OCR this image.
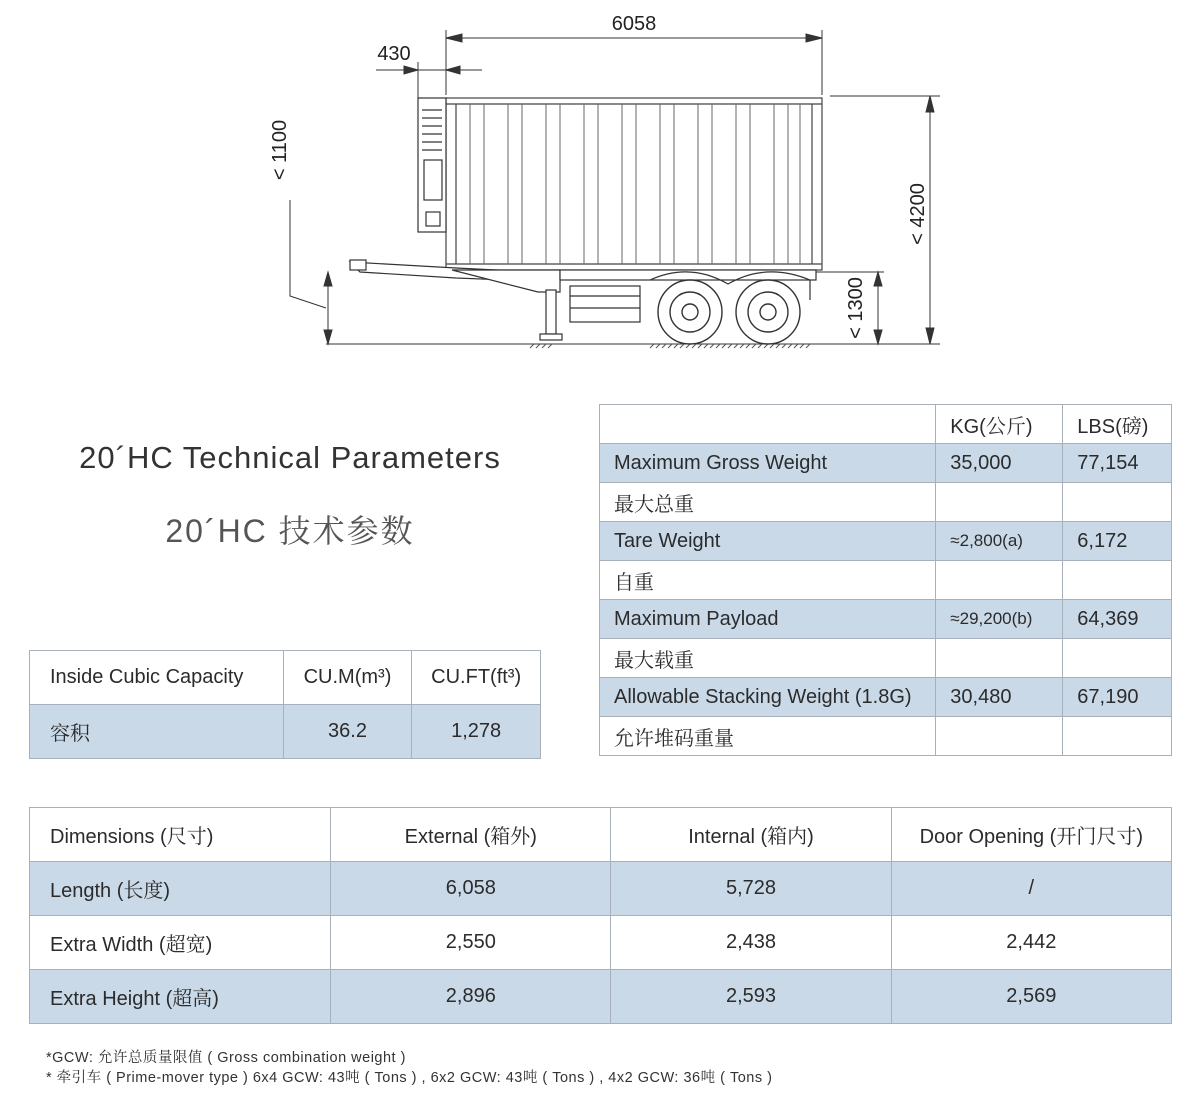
6058
430
< 1100
< 4200
< 1300
20´HC Technical Parameters
20´HC 技术参数
	KG(公斤)	LBS(磅)
Maximum Gross Weight	35,000	77,154
最大总重		
Tare Weight	≈2,800(a)	6,172
自重		
Maximum Payload	≈29,200(b)	64,369
最大载重		
Allowable Stacking Weight (1.8G)	30,480	67,190
允许堆码重量		
Inside Cubic Capacity	CU.M(m³)	CU.FT(ft³)
容积	36.2	1,278
Dimensions (尺寸)	External (箱外)	Internal (箱内)	Door Opening (开门尺寸)
Length (长度)	6,058	5,728	/
Extra Width (超宽)	2,550	2,438	2,442
Extra Height (超高)	2,896	2,593	2,569
*GCW: 允许总质量限值 ( Gross combination weight )
* 牵引车 ( Prime-mover type ) 6x4 GCW: 43吨 ( Tons ) , 6x2 GCW: 43吨 ( Tons ) , 4x2 GCW: 36吨 ( Tons )
